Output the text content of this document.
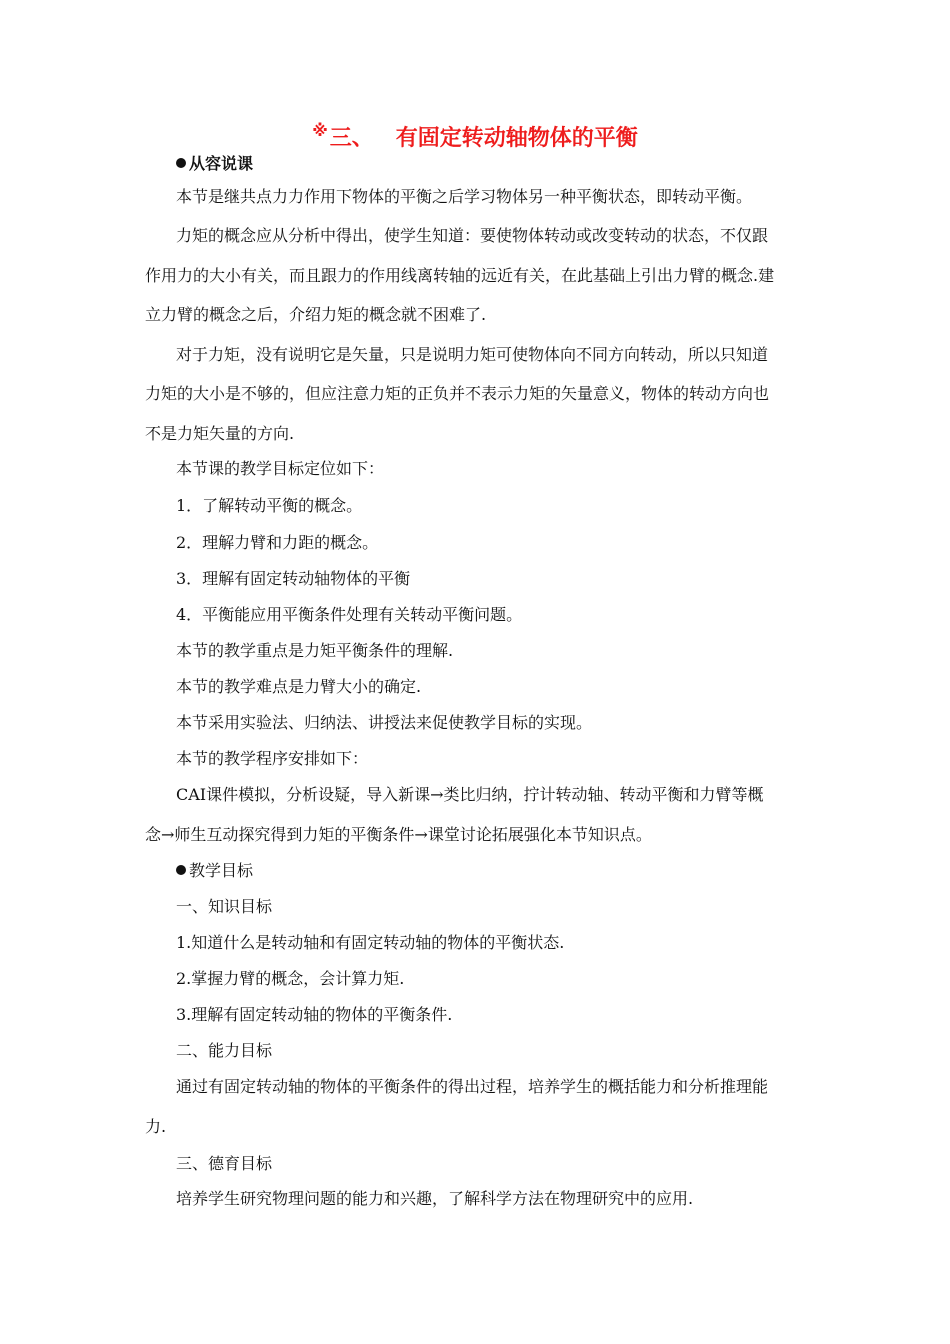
※三、 有固定转动轴物体的平衡
从容说课
本节是继共点力力作用下物体的平衡之后学习物体另一种平衡状态，即转动平衡。
力矩的概念应从分析中得出，使学生知道：要使物体转动或改变转动的状态，不仅跟
作用力的大小有关，而且跟力的作用线离转轴的远近有关，在此基础上引出力臂的概念.建
立力臂的概念之后，介绍力矩的概念就不困难了.
对于力矩，没有说明它是矢量，只是说明力矩可使物体向不同方向转动，所以只知道
力矩的大小是不够的，但应注意力矩的正负并不表示力矩的矢量意义，物体的转动方向也
不是力矩矢量的方向.
本节课的教学目标定位如下：
1．了解转动平衡的概念。
2．理解力臂和力距的概念。
3．理解有固定转动轴物体的平衡
4．平衡能应用平衡条件处理有关转动平衡问题。
本节的教学重点是力矩平衡条件的理解.
本节的教学难点是力臂大小的确定.
本节采用实验法、归纳法、讲授法来促使教学目标的实现。
本节的教学程序安排如下：
CAI课件模拟，分析设疑，导入新课→类比归纳，拧计转动轴、转动平衡和力臂等概
念→师生互动探究得到力矩的平衡条件→课堂讨论拓展强化本节知识点。
教学目标
一、知识目标
1.知道什么是转动轴和有固定转动轴的物体的平衡状态.
2.掌握力臂的概念，会计算力矩.
3.理解有固定转动轴的物体的平衡条件.
二、能力目标
通过有固定转动轴的物体的平衡条件的得出过程，培养学生的概括能力和分析推理能
力.
三、德育目标
培养学生研究物理问题的能力和兴趣，了解科学方法在物理研究中的应用.
